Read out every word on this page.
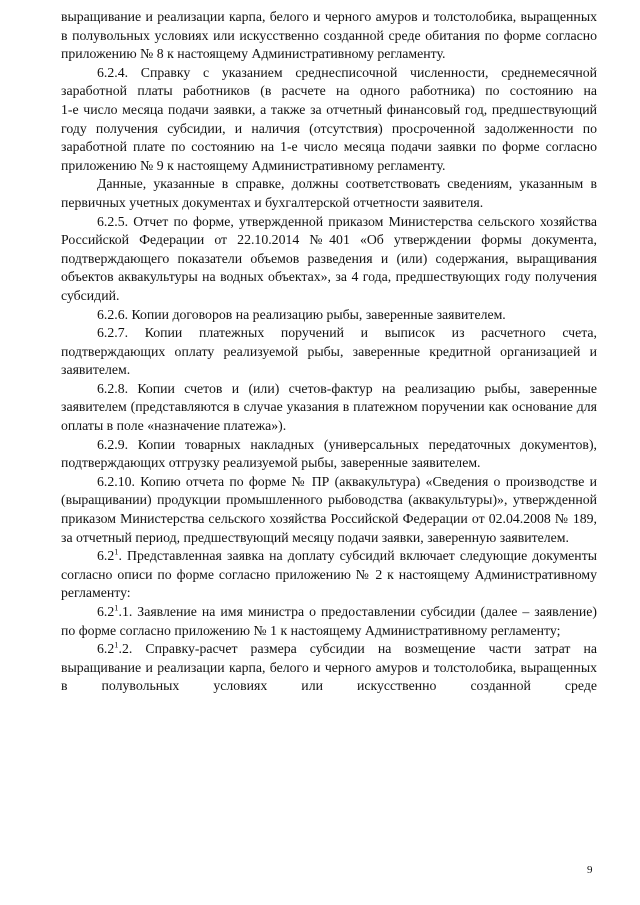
выращивание и реализации карпа, белого и черного амуров и толстолобика, выращенных в полувольных условиях или искусственно созданной среде обитания по форме согласно приложению № 8 к настоящему Административному регламенту.

6.2.4. Справку с указанием среднесписочной численности, среднемесячной заработной платы работников (в расчете на одного работника) по состоянию на

1-е число месяца подачи заявки, а также за отчетный финансовый год, предшествующий году получения субсидии, и наличия (отсутствия) просроченной задолженности по заработной плате по состоянию на 1-е число месяца подачи заявки по форме согласно приложению № 9 к настоящему Административному регламенту.

Данные, указанные в справке, должны соответствовать сведениям, указанным в первичных учетных документах и бухгалтерской отчетности заявителя.

6.2.5. Отчет по форме, утвержденной приказом Министерства сельского хозяйства Российской Федерации от 22.10.2014 №401 «Об утверждении формы документа, подтверждающего показатели объемов разведения и (или) содержания, выращивания объектов аквакультуры на водных объектах», за 4 года, предшествующих году получения субсидий.

6.2.6. Копии договоров на реализацию рыбы, заверенные заявителем.

6.2.7. Копии платежных поручений и выписок из расчетного счета, подтверждающих оплату реализуемой рыбы, заверенные кредитной организацией и заявителем.

6.2.8. Копии счетов и (или) счетов-фактур на реализацию рыбы, заверенные заявителем (представляются в случае указания в платежном поручении как основание для оплаты в поле «назначение платежа»).

6.2.9. Копии товарных накладных (универсальных передаточных документов), подтверждающих отгрузку реализуемой рыбы, заверенные заявителем.

6.2.10. Копию отчета по форме № ПР (аквакультура) «Сведения о производстве и (выращивании) продукции промышленного рыбоводства (аквакультуры)», утвержденной приказом Министерства сельского хозяйства Российской Федерации от 02.04.2008 № 189, за отчетный период, предшествующий месяцу подачи заявки, заверенную заявителем.

$6.2^1$. Представленная заявка на доплату субсидий включает следующие документы согласно описи по форме согласно приложению № 2 к настоящему Административному регламенту:

$6.2^1.1$. Заявление на имя министра о предоставлении субсидии (далее – заявление) по форме согласно приложению № 1 к настоящему Административному регламенту;

$6.2^1.2$. Справку-расчет размера субсидии на возмещение части затрат на выращивание и реализации карпа, белого и черного амуров и толстолобика, выращенных в полувольных условиях или искусственно созданной среде

9
